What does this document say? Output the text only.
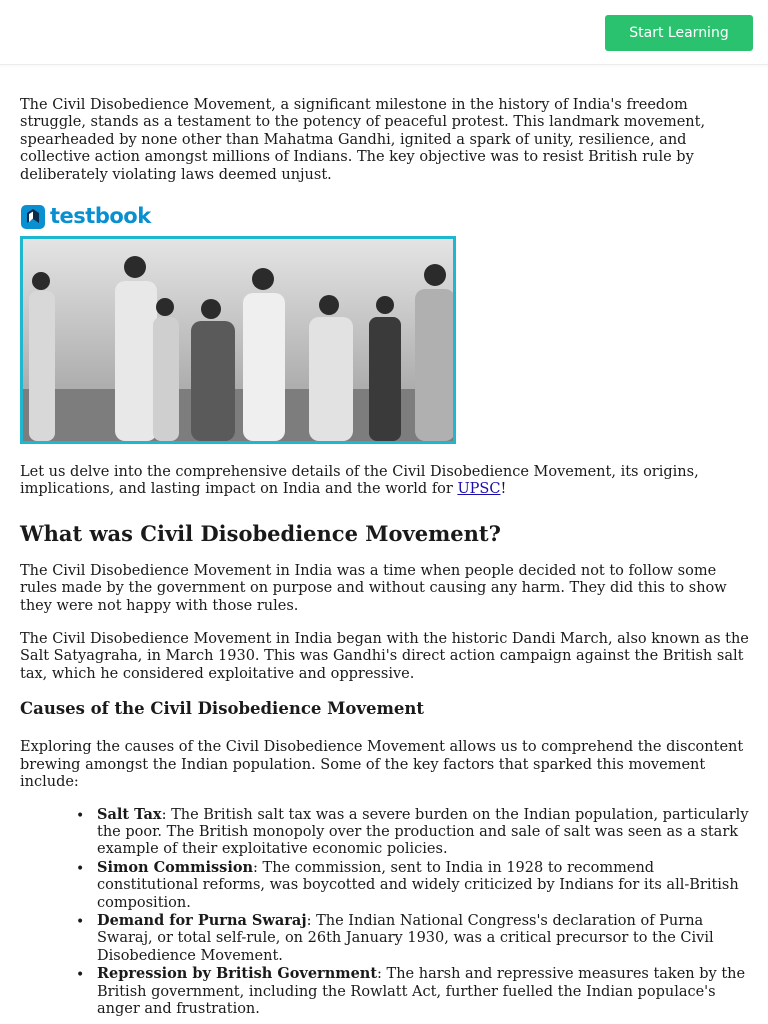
Start Learning

The Civil Disobedience Movement, a significant milestone in the history of India's freedom struggle, stands as a testament to the potency of peaceful protest. This landmark movement, spearheaded by none other than Mahatma Gandhi, ignited a spark of unity, resilience, and collective action amongst millions of Indians. The key objective was to resist British rule by deliberately violating laws deemed unjust.

testbook

Let us delve into the comprehensive details of the Civil Disobedience Movement, its origins, implications, and lasting impact on India and the world for UPSC!

What was Civil Disobedience Movement?

The Civil Disobedience Movement in India was a time when people decided not to follow some rules made by the government on purpose and without causing any harm. They did this to show they were not happy with those rules.

The Civil Disobedience Movement in India began with the historic Dandi March, also known as the Salt Satyagraha, in March 1930. This was Gandhi's direct action campaign against the British salt tax, which he considered exploitative and oppressive.

Causes of the Civil Disobedience Movement

Exploring the causes of the Civil Disobedience Movement allows us to comprehend the discontent brewing amongst the Indian population. Some of the key factors that sparked this movement include:

• Salt Tax: The British salt tax was a severe burden on the Indian population, particularly the poor. The British monopoly over the production and sale of salt was seen as a stark example of their exploitative economic policies.
• Simon Commission: The commission, sent to India in 1928 to recommend constitutional reforms, was boycotted and widely criticized by Indians for its all-British composition.
• Demand for Purna Swaraj: The Indian National Congress's declaration of Purna Swaraj, or total self-rule, on 26th January 1930, was a critical precursor to the Civil Disobedience Movement.
• Repression by British Government: The harsh and repressive measures taken by the British government, including the Rowlatt Act, further fuelled the Indian populace's anger and frustration.
